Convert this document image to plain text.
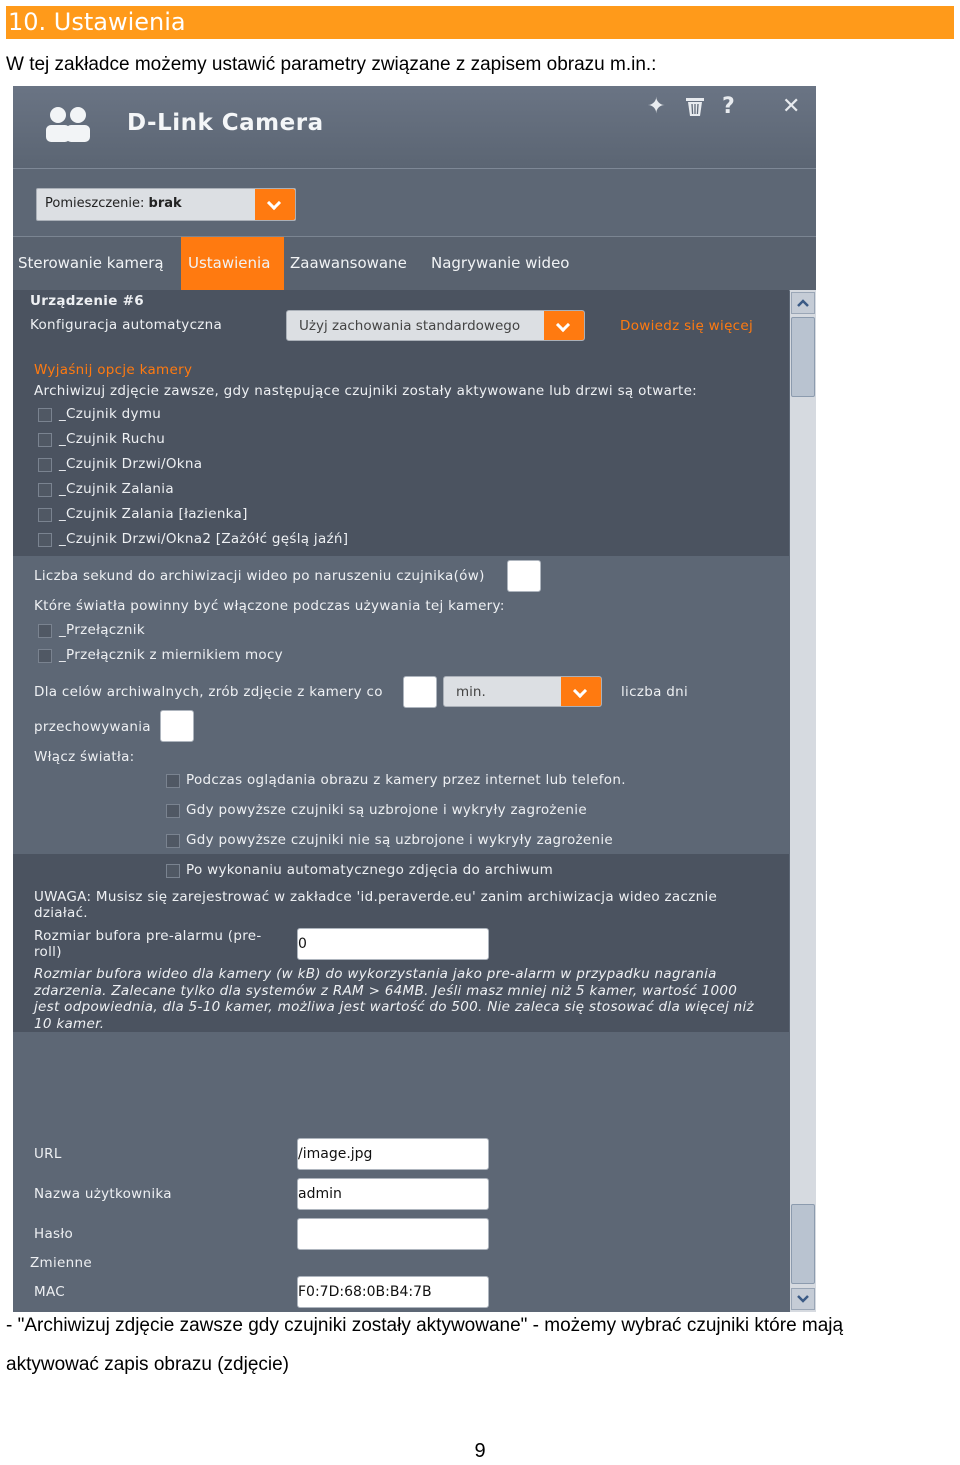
10. Ustawienia
W tej zakładce możemy ustawić parametry związane z zapisem obrazu m.in.:
D-Link Camera
✦	? ✕
Pomieszczenie: brak
Sterowanie kamerą	Ustawienia	Zaawansowane Nagrywanie wideo
Urządzenie #6
Konfiguracja automatyczna	Użyj zachowania standardowego	Dowiedz się więcej
Wyjaśnij opcje kamery
Archiwizuj zdjęcie zawsze, gdy następujące czujniki zostały aktywowane lub drzwi są otwarte:
_Czujnik dymu
_Czujnik Ruchu
_Czujnik Drzwi/Okna
_Czujnik Zalania
_Czujnik Zalania [łazienka]
_Czujnik Drzwi/Okna2 [Zażółć gęślą jaźń]
Liczba sekund do archiwizacji wideo po naruszeniu czujnika(ów)
Które światła powinny być włączone podczas używania tej kamery:
_Przełącznik
_Przełącznik z miernikiem mocy
Dla celów archiwalnych, zrób zdjęcie z kamery co	min.	liczba dni
przechowywania
Włącz światła:
Podczas oglądania obrazu z kamery przez internet lub telefon.
Gdy powyższe czujniki są uzbrojone i wykryły zagrożenie
Gdy powyższe czujniki nie są uzbrojone i wykryły zagrożenie
Po wykonaniu automatycznego zdjęcia do archiwum
UWAGA: Musisz się zarejestrować w zakładce 'id.peraverde.eu' zanim archiwizacja wideo zacznie działać.
Rozmiar bufora pre-alarmu (pre-roll)	0
Rozmiar bufora wideo dla kamery (w kB) do wykorzystania jako pre-alarm w przypadku nagrania zdarzenia. Zalecane tylko dla systemów z RAM > 64MB. Jeśli masz mniej niż 5 kamer, wartość 1000 jest odpowiednia, dla 5-10 kamer, możliwa jest wartość do 500. Nie zaleca się stosować dla więcej niż 10 kamer.
URL	/image.jpg
Nazwa użytkownika	admin
Hasło
Zmienne
MAC	F0:7D:68:0B:B4:7B
- "Archiwizuj zdjęcie zawsze gdy czujniki zostały aktywowane" - możemy wybrać czujniki które mają
aktywować zapis obrazu (zdjęcie)
9
